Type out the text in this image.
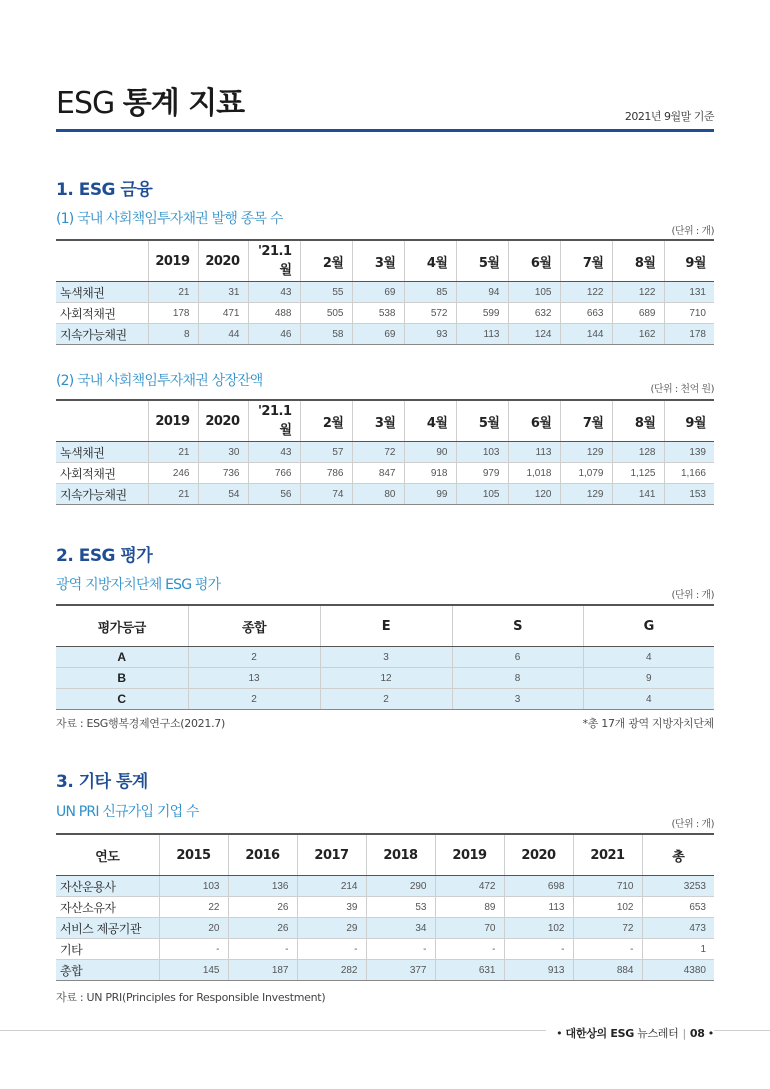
ESG 통계 지표	2021년 9월말 기준
1. ESG 금융
(1) 국내 사회책임투자채권 발행 종목 수
(단위 : 개)
	2019	2020	'21.1월	2월	3월	4월	5월	6월	7월	8월	9월
녹색채권	21	31	43	55	69	85	94	105	122	122	131
사회적채권	178	471	488	505	538	572	599	632	663	689	710
지속가능채권	8	44	46	58	69	93	113	124	144	162	178
(2) 국내 사회책임투자채권 상장잔액
(단위 : 천억 원)
	2019	2020	'21.1월	2월	3월	4월	5월	6월	7월	8월	9월
녹색채권	21	30	43	57	72	90	103	113	129	128	139
사회적채권	246	736	766	786	847	918	979	1,018	1,079	1,125	1,166
지속가능채권	21	54	56	74	80	99	105	120	129	141	153
2. ESG 평가
광역 지방자치단체 ESG 평가
(단위 : 개)
평가등급	종합	E	S	G
A	2	3	6	4
B	13	12	8	9
C	2	2	3	4
자료 : ESG행복경제연구소(2021.7)	*총 17개 광역 지방자치단체
3. 기타 통계
UN PRI 신규가입 기업 수
(단위 : 개)
연도	2015	2016	2017	2018	2019	2020	2021	총
자산운용사	103	136	214	290	472	698	710	3253
자산소유자	22	26	39	53	89	113	102	653
서비스 제공기관	20	26	29	34	70	102	72	473
기타	-	-	-	-	-	-	-	1
총합	145	187	282	377	631	913	884	4380
자료 : UN PRI(Principles for Responsible Investment)
• 대한상의 ESG 뉴스레터 | 08 •
